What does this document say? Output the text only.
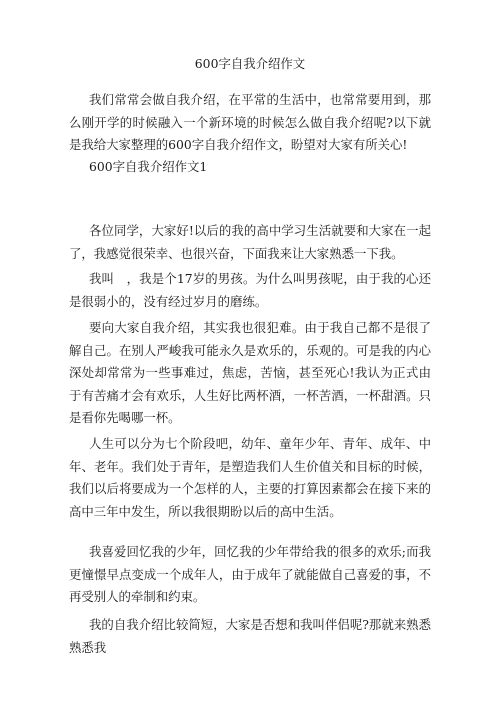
600字自我介绍作文
我们常常会做自我介绍，在平常的生活中，也常常要用到，那么刚开学的时候融入一个新环境的时候怎么做自我介绍呢?以下就是我给大家整理的600字自我介绍作文，盼望对大家有所关心!
600字自我介绍作文1
各位同学，大家好!以后的我的高中学习生活就要和大家在一起了，我感觉很荣幸、也很兴奋，下面我来让大家熟悉一下我。
我叫　，我是个17岁的男孩。为什么叫男孩呢，由于我的心还是很弱小的，没有经过岁月的磨练。
要向大家自我介绍，其实我也很犯难。由于我自己都不是很了解自己。在别人严峻我可能永久是欢乐的，乐观的。可是我的内心深处却常常为一些事难过，焦虑，苦恼，甚至死心!我认为正式由于有苦痛才会有欢乐，人生好比两杯酒，一杯苦酒，一杯甜酒。只是看你先喝哪一杯。
人生可以分为七个阶段吧，幼年、童年少年、青年、成年、中年、老年。我们处于青年，是塑造我们人生价值关和目标的时候，我们以后将要成为一个怎样的人，主要的打算因素都会在接下来的高中三年中发生，所以我很期盼以后的高中生活。
我喜爱回忆我的少年，回忆我的少年带给我的很多的欢乐;而我更憧憬早点变成一个成年人，由于成年了就能做自己喜爱的事，不再受别人的牵制和约束。
我的自我介绍比较简短，大家是否想和我叫伴侣呢?那就来熟悉熟悉我
